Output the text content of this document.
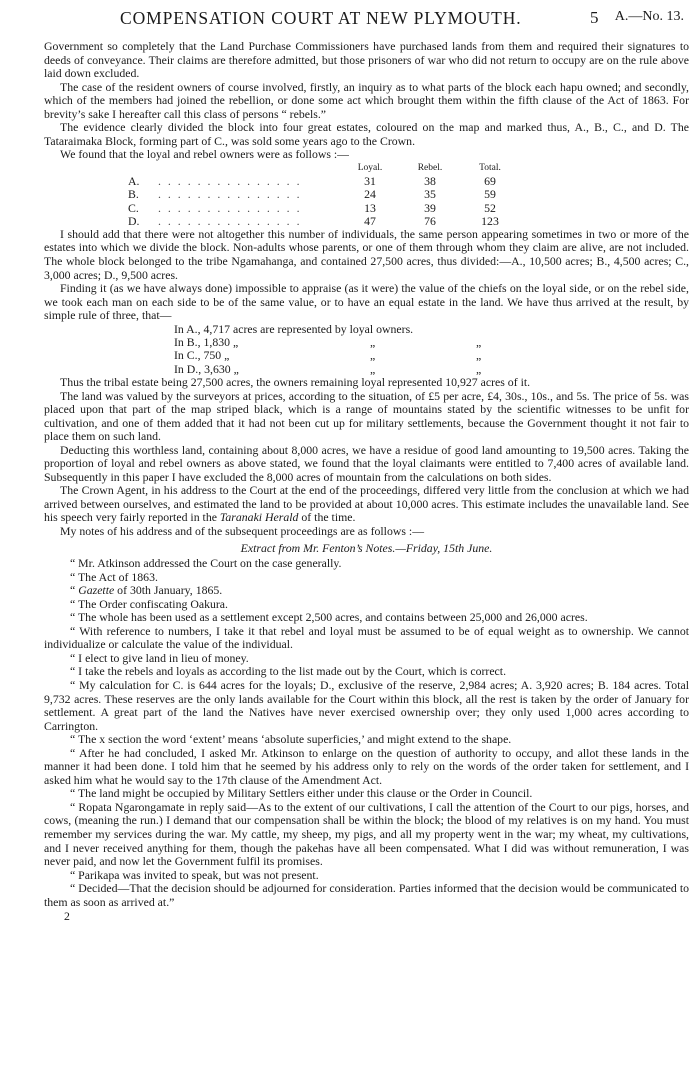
COMPENSATION COURT AT NEW PLYMOUTH.	5 A.—No. 13.

Government so completely that the Land Purchase Commissioners have purchased lands from them and required their signatures to deeds of conveyance. Their claims are therefore admitted, but those prisoners of war who did not return to occupy are on the rule above laid down excluded.

The case of the resident owners of course involved, firstly, an inquiry as to what parts of the block each hapu owned; and secondly, which of the members had joined the rebellion, or done some act which brought them within the fifth clause of the Act of 1863. For brevity’s sake I hereafter call this class of persons “ rebels.”

The evidence clearly divided the block into four great estates, coloured on the map and marked thus, A., B., C., and D. The Tataraimaka Block, forming part of C., was sold some years ago to the Crown.

We found that the loyal and rebel owners were as follows :—

		Loyal.	Rebel.	Total.
A.	. . . . . . . . . . . . . . .	31	38	69
B.	. . . . . . . . . . . . . . .	24	35	59
C.	. . . . . . . . . . . . . . .	13	39	52
D.	. . . . . . . . . . . . . . .	47	76	123

I should add that there were not altogether this number of individuals, the same person appearing sometimes in two or more of the estates into which we divide the block. Non-adults whose parents, or one of them through whom they claim are alive, are not included. The whole block belonged to the tribe Ngamahanga, and contained 27,500 acres, thus divided:—A., 10,500 acres; B., 4,500 acres; C., 3,000 acres; D., 9,500 acres.

Finding it (as we have always done) impossible to appraise (as it were) the value of the chiefs on the loyal side, or on the rebel side, we took each man on each side to be of the same value, or to have an equal estate in the land. We have thus arrived at the result, by simple rule of three, that—

In A., 4,717 acres are represented by loyal owners.
In B., 1,830 „	„	„
In C., 750 „	„	„
In D., 3,630 „	„	„

Thus the tribal estate being 27,500 acres, the owners remaining loyal represented 10,927 acres of it.

The land was valued by the surveyors at prices, according to the situation, of £5 per acre, £4, 30s., 10s., and 5s. The price of 5s. was placed upon that part of the map striped black, which is a range of mountains stated by the scientific witnesses to be unfit for cultivation, and one of them added that it had not been cut up for military settlements, because the Government thought it not fair to place them on such land.

Deducting this worthless land, containing about 8,000 acres, we have a residue of good land amounting to 19,500 acres. Taking the proportion of loyal and rebel owners as above stated, we found that the loyal claimants were entitled to 7,400 acres of available land. Subsequently in this paper I have excluded the 8,000 acres of mountain from the calculations on both sides.

The Crown Agent, in his address to the Court at the end of the proceedings, differed very little from the conclusion at which we had arrived between ourselves, and estimated the land to be provided at about 10,000 acres. This estimate includes the unavailable land. See his speech very fairly reported in the Taranaki Herald of the time.

My notes of his address and of the subsequent proceedings are as follows :—

Extract from Mr. Fenton’s Notes.—Friday, 15th June.

“ Mr. Atkinson addressed the Court on the case generally.

“ The Act of 1863.

“ Gazette of 30th January, 1865.

“ The Order confiscating Oakura.

“ The whole has been used as a settlement except 2,500 acres, and contains between 25,000 and 26,000 acres.

“ With reference to numbers, I take it that rebel and loyal must be assumed to be of equal weight as to ownership. We cannot individualize or calculate the value of the individual.

“ I elect to give land in lieu of money.

“ I take the rebels and loyals as according to the list made out by the Court, which is correct.

“ My calculation for C. is 644 acres for the loyals; D., exclusive of the reserve, 2,984 acres; A. 3,920 acres; B. 184 acres. Total 9,732 acres. These reserves are the only lands available for the Court within this block, all the rest is taken by the order of January for settlement. A great part of the land the Natives have never exercised ownership over; they only used 1,000 acres according to Carrington.

“ The x section the word ‘extent’ means ‘absolute superficies,’ and might extend to the shape.

“ After he had concluded, I asked Mr. Atkinson to enlarge on the question of authority to occupy, and allot these lands in the manner it had been done. I told him that he seemed by his address only to rely on the words of the order taken for settlement, and I asked him what he would say to the 17th clause of the Amendment Act.

“ The land might be occupied by Military Settlers either under this clause or the Order in Council.

“ Ropata Ngarongamate in reply said—As to the extent of our cultivations, I call the attention of the Court to our pigs, horses, and cows, (meaning the run.) I demand that our compensation shall be within the block; the blood of my relatives is on my hand. You must remember my services during the war. My cattle, my sheep, my pigs, and all my property went in the war; my wheat, my cultivations, and I never received anything for them, though the pakehas have all been compensated. What I did was without remuneration, I was never paid, and now let the Government fulfil its promises.

“ Parikapa was invited to speak, but was not present.

“ Decided—That the decision should be adjourned for consideration. Parties informed that the decision would be communicated to them as soon as arrived at.”

2
